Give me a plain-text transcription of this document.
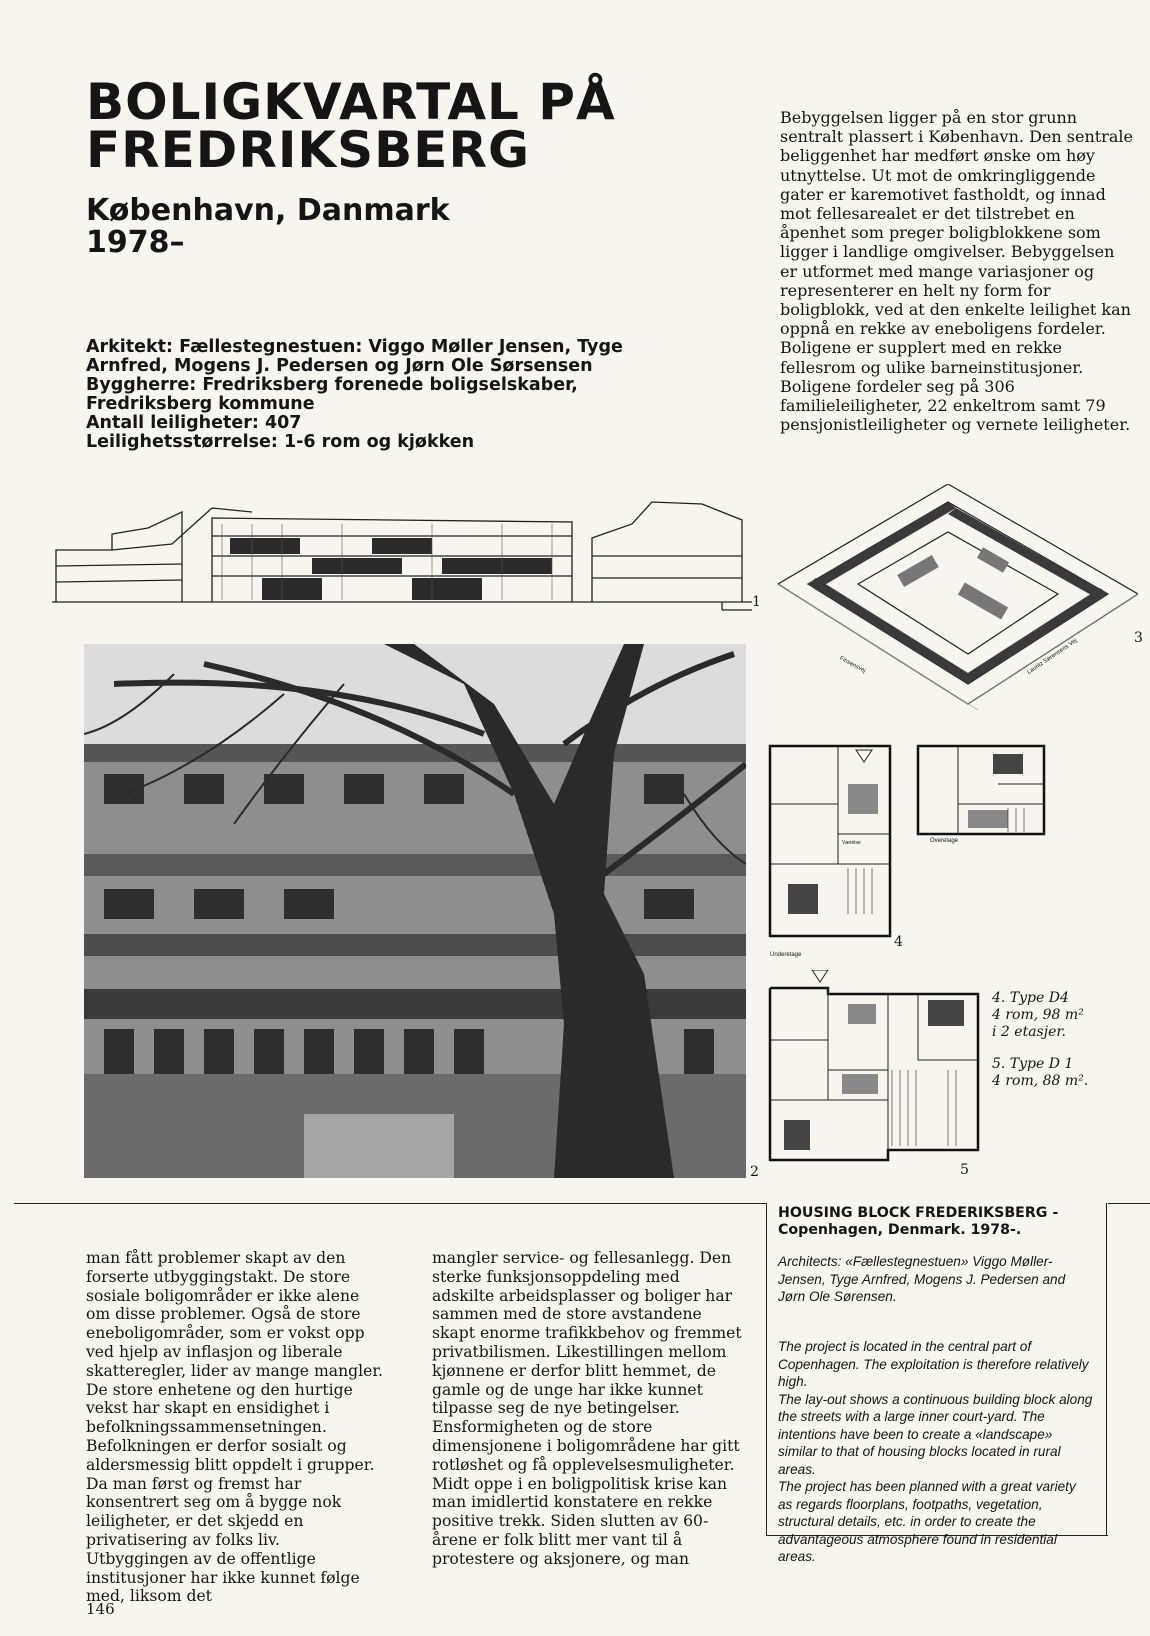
BOLIGKVARTAL PÅ
FREDRIKSBERG
København, Danmark
1978–
Arkitekt: Fællestegnestuen: Viggo Møller Jensen, Tyge Arnfred, Mogens J. Pedersen og Jørn Ole Sørsensen
Byggherre: Fredriksberg forenede boligselskaber, Fredriksberg kommune
Antall leiligheter: 407
Leilighetsstørrelse: 1-6 rom og kjøkken

Bebyggelsen ligger på en stor grunn sentralt plassert i København. Den sentrale beliggenhet har medført ønske om høy utnyttelse. Ut mot de omkringliggende gater er karemotivet fastholdt, og innad mot fellesarealet er det tilstrebet en åpenhet som preger boligblokkene som ligger i landlige omgivelser. Bebyggelsen er utformet med mange variasjoner og representerer en helt ny form for boligblokk, ved at den enkelte leilighet kan oppnå en rekke av eneboligens fordeler. Boligene er supplert med en rekke fellesrom og ulike barneinstitusjoner. Boligene fordeler seg på 306 familieleiligheter, 22 enkeltrom samt 79 pensjonistleiligheter og vernete leiligheter.

1
2
Finsensvej	Lauritz Sørensens Vej
3
Underetage
Overetage
Værelse
4
5
4. Type D4
4 rom, 98 m²
i 2 etasjer.
5. Type D 1
4 rom, 88 m².

man fått problemer skapt av den forserte utbyggingstakt. De store sosiale boligområder er ikke alene om disse problemer. Også de store eneboligområder, som er vokst opp ved hjelp av inflasjon og liberale skatteregler, lider av mange mangler. De store enhetene og den hurtige vekst har skapt en ensidighet i befolkningssammensetningen. Befolkningen er derfor sosialt og aldersmessig blitt oppdelt i grupper. Da man først og fremst har konsentrert seg om å bygge nok leiligheter, er det skjedd en privatisering av folks liv. Utbyggingen av de offentlige institusjoner har ikke kunnet følge med, liksom det

mangler service- og fellesanlegg. Den sterke funksjonsoppdeling med adskilte arbeidsplasser og boliger har sammen med de store avstandene skapt enorme trafikkbehov og fremmet privatbilismen. Likestillingen mellom kjønnene er derfor blitt hemmet, de gamle og de unge har ikke kunnet tilpasse seg de nye betingelser. Ensformigheten og de store dimensjonene i boligområdene har gitt rotløshet og få opplevelsesmuligheter.
Midt oppe i en boligpolitisk krise kan man imidlertid konstatere en rekke positive trekk. Siden slutten av 60-årene er folk blitt mer vant til å protestere og aksjonere, og man

HOUSING BLOCK FREDERIKSBERG -
Copenhagen, Denmark. 1978-.

Architects: «Fællestegnestuen» Viggo Møller-Jensen, Tyge Arnfred, Mogens J. Pedersen and Jørn Ole Sørensen.

The project is located in the central part of Copenhagen. The exploitation is therefore relatively high.
The lay-out shows a continuous building block along the streets with a large inner court-yard. The intentions have been to create a «landscape» similar to that of housing blocks located in rural areas.
The project has been planned with a great variety as regards floorplans, footpaths, vegetation, structural details, etc. in order to create the advantageous atmosphere found in residential areas.

146
